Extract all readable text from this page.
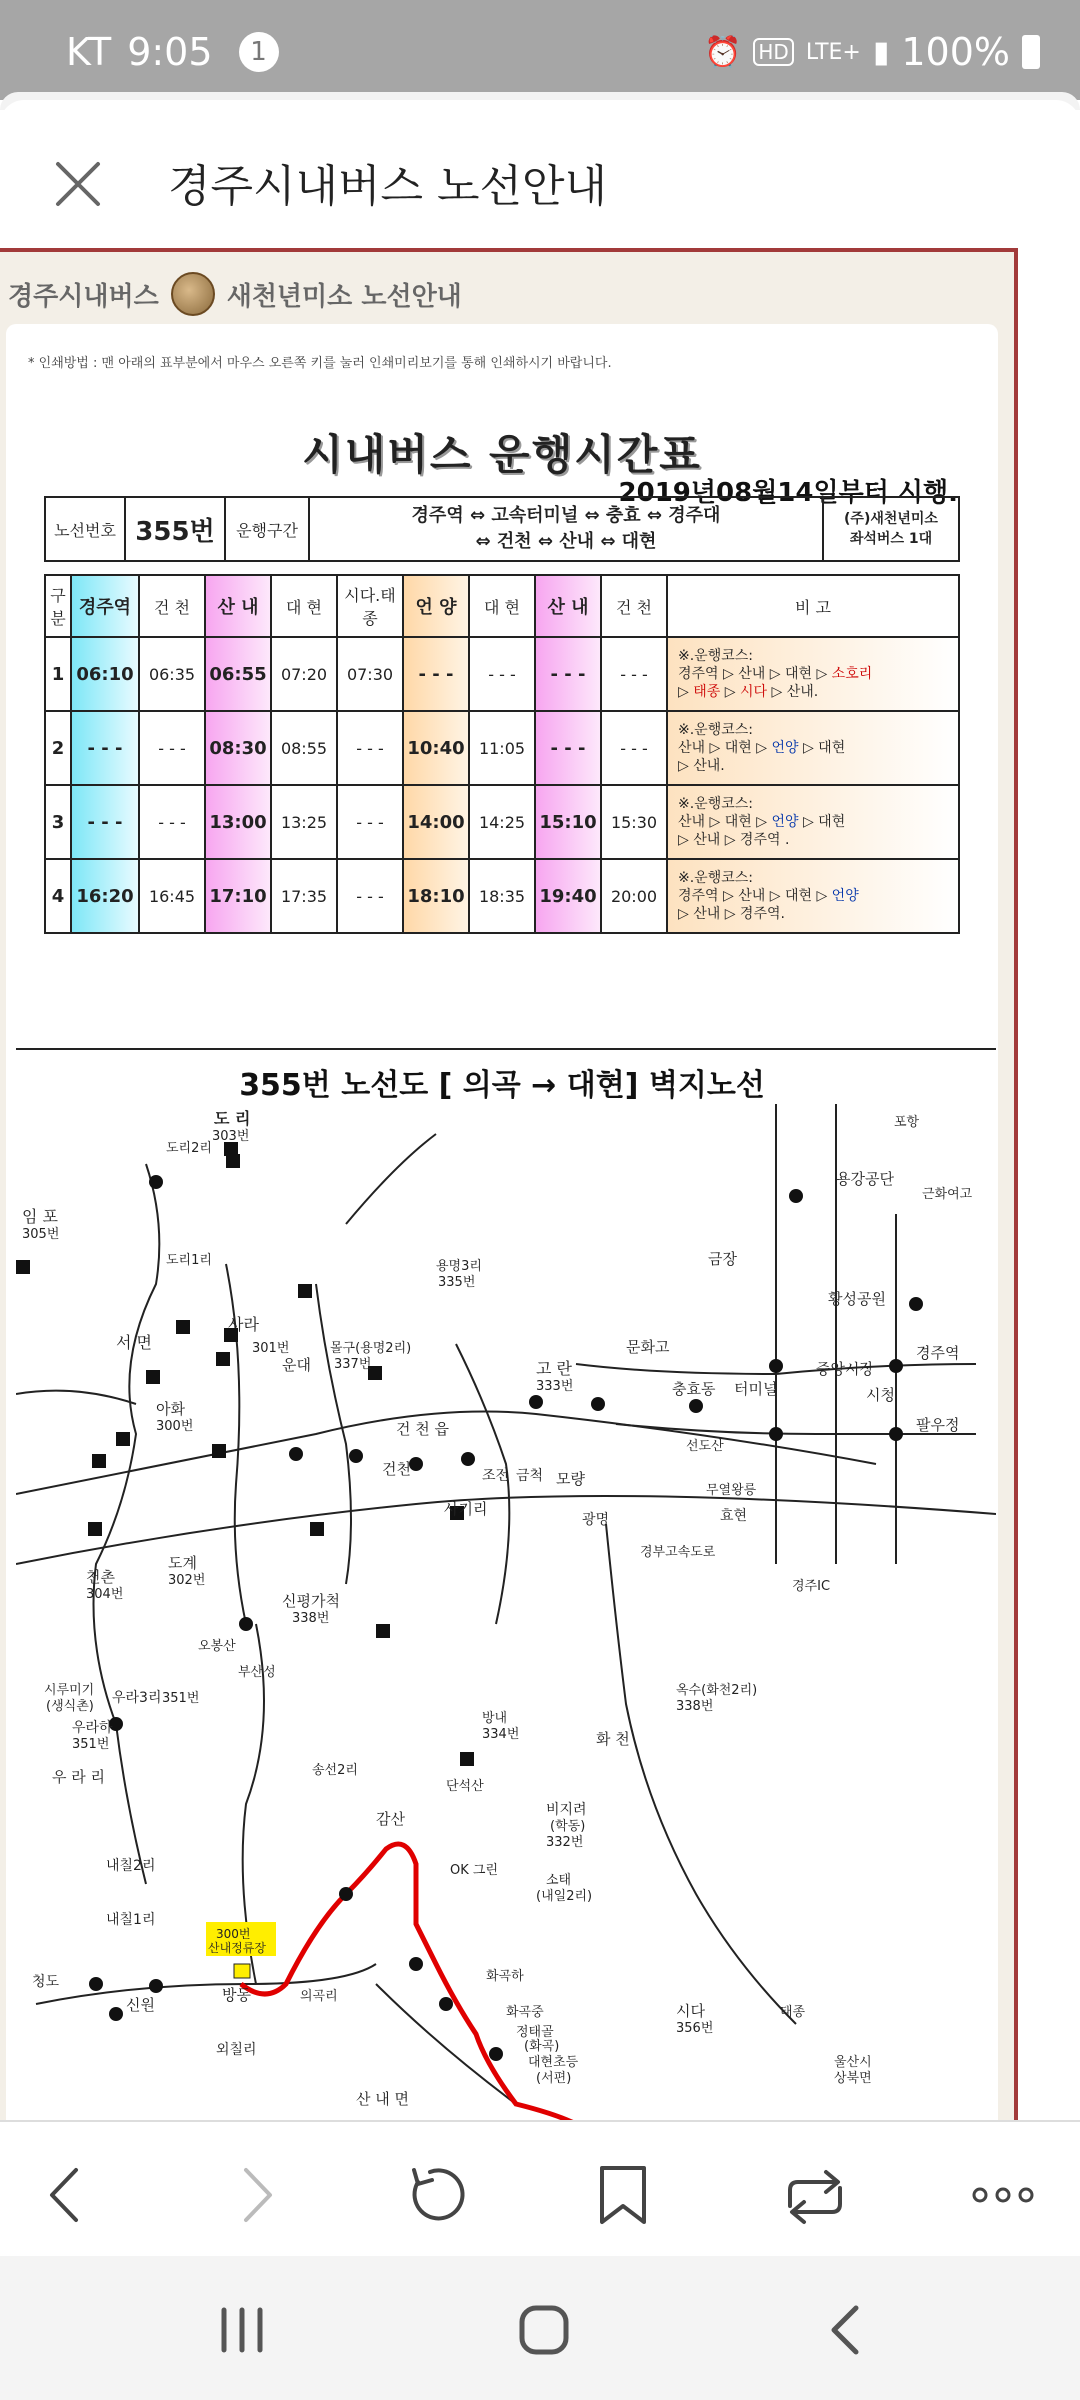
KT 9:05	1	⏰ HD LTE+ ▮ 100%
경주시내버스 노선안내
경주시내버스	새천년미소 노선안내
* 인쇄방법 : 맨 아래의 표부분에서 마우스 오른쪽 키를 눌러 인쇄미리보기를 통해 인쇄하시기 바랍니다.
시내버스 운행시간표
2019년08월14일부터 시행.
노선번호	355번	운행구간	
경주역 ⇔ 고속터미널 ⇔ 충효 ⇔ 경주대
⇔ 건천 ⇔ 산내 ⇔ 대현

(주)새천년미소
좌석버스 1대
구분	경주역	건 천	산 내	대 현	시다.태종	언 양	대 현	산 내	건 천	비 고
1	06:10	06:35	06:55	07:20	07:30	- - -	- - -	- - -	- - -	※.운행코스:
경주역 ▷ 산내 ▷ 대현 ▷ 소호리
▷ 태종 ▷ 시다 ▷ 산내.

2	- - -	- - -	08:30	08:55	- - -	10:40	11:05	- - -	- - -	※.운행코스:
산내 ▷ 대현 ▷ 언양 ▷ 대현
▷ 산내.

3	- - -	- - -	13:00	13:25	- - -	14:00	14:25	15:10	15:30	※.운행코스:
산내 ▷ 대현 ▷ 언양 ▷ 대현
▷ 산내 ▷ 경주역 .

4	16:20	16:45	17:10	17:35	- - -	18:10	18:35	19:40	20:00	※.운행코스:
경주역 ▷ 산내 ▷ 대현 ▷ 언양
▷ 산내 ▷ 경주역.
355번 노선도 [ 의곡 → 대현] 벽지노선
도 리
303번
도리2리
도리1리
임 포
305번
서 면
사라
301번
운대
몰구(용명2리)
337번
아화
300번
용명3리
335번
고 란
333번
천촌
304번
도계
302번
신평가척
338번
우라3리 351번
우라하
351번
우 라 리
방내
334번
옥수(화천2리)
338번
비지려
(학동)
332번
300번
산내정류장
신원
방동	의곡리
산 내 면
소태
(내일2리)
대현초등
(서편)
시다
356번
태종
황성공원
경주역
시청
팔우정
터미널
중앙시장
충효동
문화고
건 천 읍
화 천
감산
용강공단
금장
모량
광명	효현
건천	조전 금척
경부고속도로
경주IC
단석산
송선2리
부산성
오봉산
내칠2리
내칠1리
청도
외칠리
화곡하
화곡중
정태골
(화곡)
OK 그린
선도산
무열왕릉
사기리
시루미기
(생식촌)
근화여고
포항
울산시
상북면
